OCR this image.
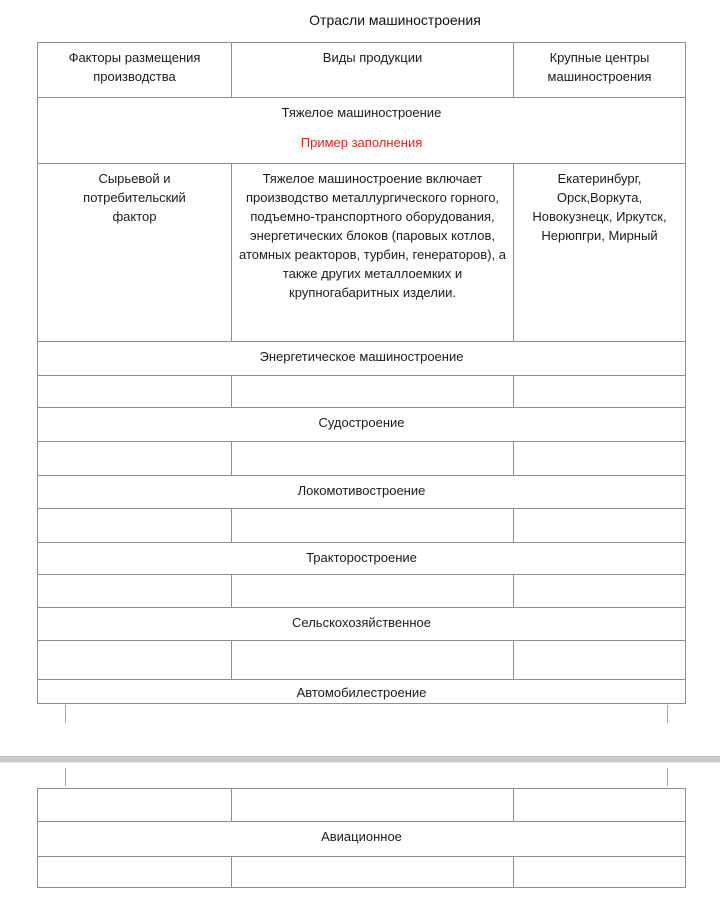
Отрасли машиностроения
Факторы размещения производства	Виды продукции	Крупные центры машиностроения

Тяжелое машиностроение
Пример заполнения		

Сырьевой и потребительский фактор	Тяжелое машиностроение включает производство металлургического горного, подъемно-транспортного оборудования, энергетических блоков (паровых котлов, атомных реакторов, турбин, генераторов), а также других металлоемких и крупногабаритных изделии.	Екатеринбург, Орск,Воркута, Новокузнецк, Иркутск, Нерюпгри, Мирный
Энергетическое машиностроение		

Судостроение		

Локомотивостроение		

Тракторостроение		

Сельскохозяйственное		

Автомобилестроение		

Авиационное		
